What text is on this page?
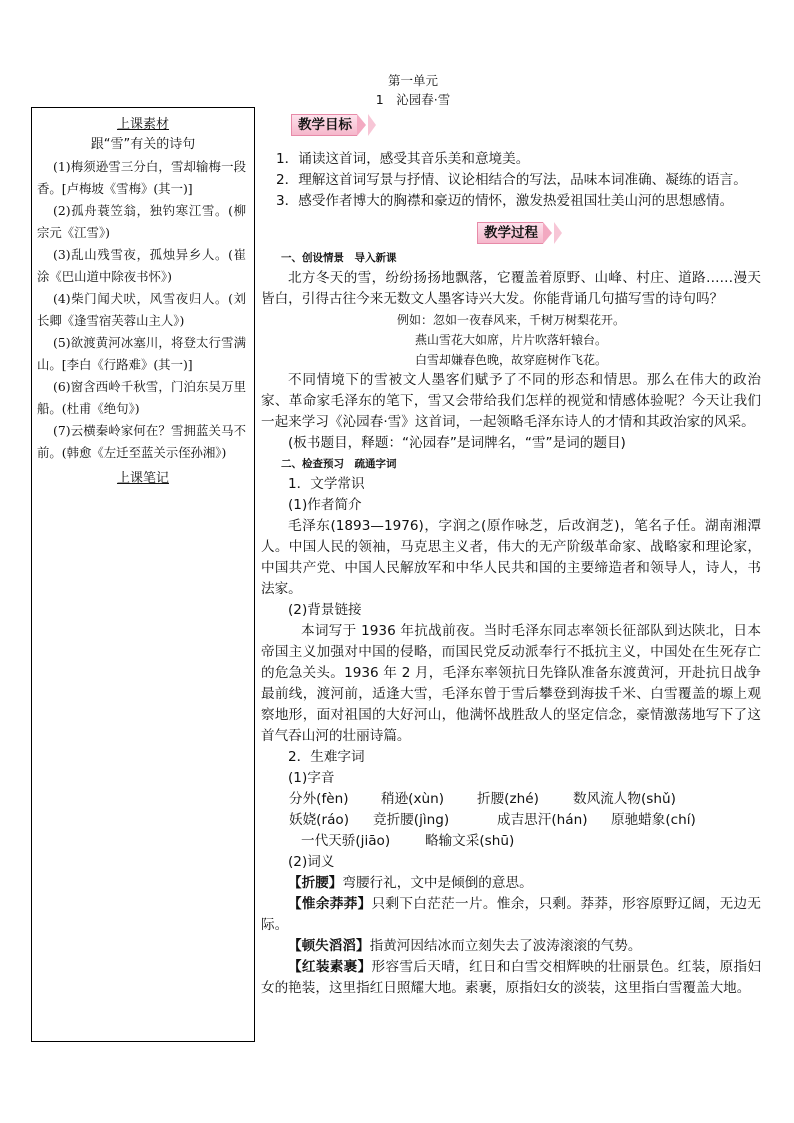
第一单元
1　沁园春·雪
上课素材
跟“雪”有关的诗句
(1)梅须逊雪三分白，雪却输梅一段香。[卢梅坡《雪梅》(其一)]
(2)孤舟蓑笠翁，独钓寒江雪。(柳宗元《江雪》)
(3)乱山残雪夜，孤烛异乡人。(崔涂《巴山道中除夜书怀》)
(4)柴门闻犬吠，风雪夜归人。(刘长卿《逢雪宿芙蓉山主人》)
(5)欲渡黄河冰塞川，将登太行雪满山。[李白《行路难》(其一)]
(6)窗含西岭千秋雪，门泊东吴万里船。(杜甫《绝句》)
(7)云横秦岭家何在？雪拥蓝关马不前。(韩愈《左迁至蓝关示侄孙湘》)
上课笔记
教学目标

1．诵读这首词，感受其音乐美和意境美。

2．理解这首词写景与抒情、议论相结合的写法，品味本词准确、凝练的语言。

3．感受作者博大的胸襟和豪迈的情怀，激发热爱祖国壮美山河的思想感情。

教学过程
一、创设情景　导入新课

北方冬天的雪，纷纷扬扬地飘落，它覆盖着原野、山峰、村庄、道路……漫天皆白，引得古往今来无数文人墨客诗兴大发。你能背诵几句描写雪的诗句吗？

例如：忽如一夜春风来，千树万树梨花开。
燕山雪花大如席，片片吹落轩辕台。
白雪却嫌春色晚，故穿庭树作飞花。

不同情境下的雪被文人墨客们赋予了不同的形态和情思。那么在伟大的政治家、革命家毛泽东的笔下，雪又会带给我们怎样的视觉和情感体验呢？今天让我们一起来学习《沁园春·雪》这首词，一起领略毛泽东诗人的才情和其政治家的风采。

(板书题目，释题：“沁园春”是词牌名，“雪”是词的题目)

二、检查预习　疏通字词

1．文学常识

(1)作者简介

毛泽东(1893—1976)，字润之(原作咏芝，后改润芝)，笔名子任。湖南湘潭人。中国人民的领袖，马克思主义者，伟大的无产阶级革命家、战略家和理论家，中国共产党、中国人民解放军和中华人民共和国的主要缔造者和领导人，诗人，书法家。

(2)背景链接

本词写于 1936 年抗战前夜。当时毛泽东同志率领长征部队到达陕北，日本帝国主义加强对中国的侵略，而国民党反动派奉行不抵抗主义，中国处在生死存亡的危急关头。1936 年 2 月，毛泽东率领抗日先锋队准备东渡黄河，开赴抗日战争最前线，渡河前，适逢大雪，毛泽东曾于雪后攀登到海拔千米、白雪覆盖的塬上观察地形，面对祖国的大好河山，他满怀战胜敌人的坚定信念，豪情激荡地写下了这首气吞山河的壮丽诗篇。

2．生难字词

(1)字音

分外(fèn)	稍逊(xùn)	折腰(zhé)	数风流人物(shǔ)
妖娆(ráo)	竞折腰(jìng)	成吉思汗(hán)	原驰蜡象(chí)
一代天骄(jiāo)	略输文采(shū)

(2)词义

【折腰】弯腰行礼，文中是倾倒的意思。

【惟余莽莽】只剩下白茫茫一片。惟余，只剩。莽莽，形容原野辽阔，无边无际。

【顿失滔滔】指黄河因结冰而立刻失去了波涛滚滚的气势。

【红装素裹】形容雪后天晴，红日和白雪交相辉映的壮丽景色。红装，原指妇女的艳装，这里指红日照耀大地。素裹，原指妇女的淡装，这里指白雪覆盖大地。
